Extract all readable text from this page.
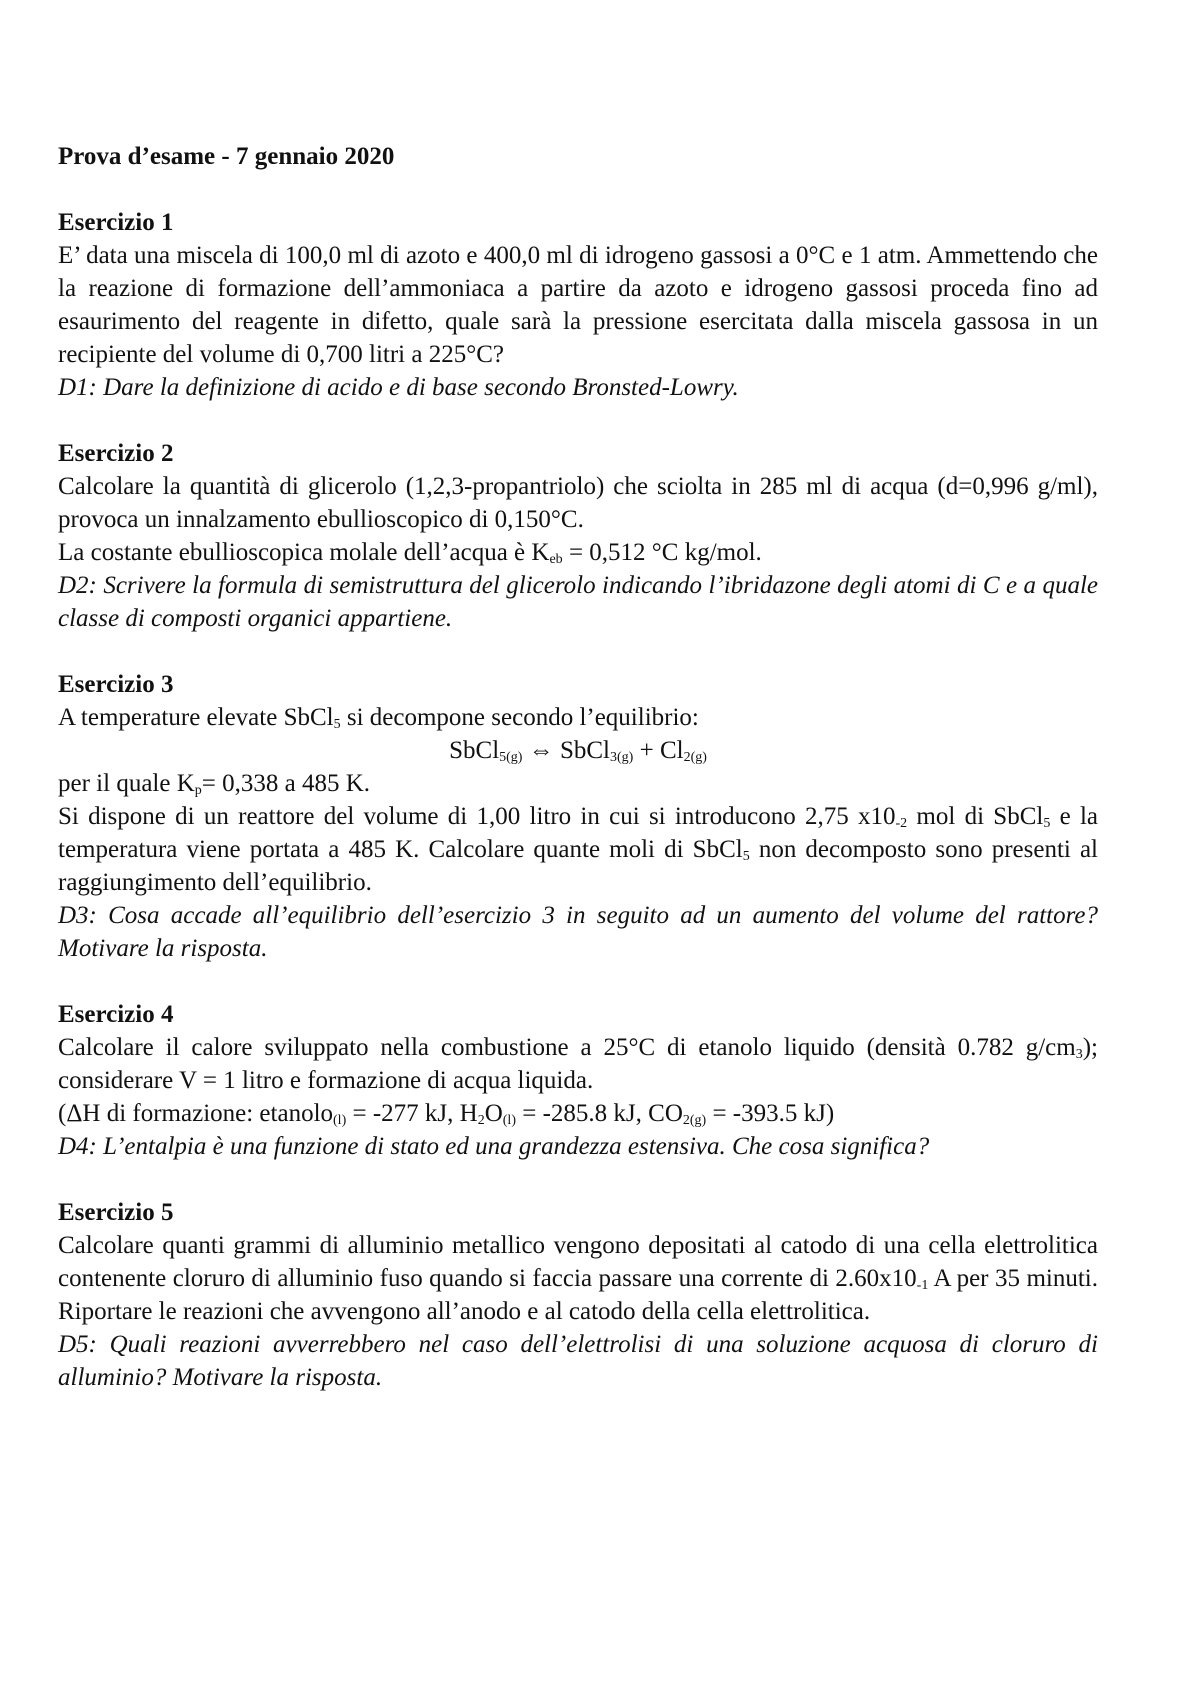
Prova d’esame - 7 gennaio 2020
Esercizio 1
E’ data una miscela di 100,0 ml di azoto e 400,0 ml di idrogeno gassosi a 0°C e 1 atm. Ammettendo che la reazione di formazione dell’ammoniaca a partire da azoto e idrogeno gassosi proceda fino ad esaurimento del reagente in difetto, quale sarà la pressione esercitata dalla miscela gassosa in un recipiente del volume di 0,700 litri a 225°C?
D1: Dare la definizione di acido e di base secondo Bronsted-Lowry.
Esercizio 2
Calcolare la quantità di glicerolo (1,2,3-propantriolo) che sciolta in 285 ml di acqua (d=0,996 g/ml), provoca un innalzamento ebullioscopico di 0,150°C.
La costante ebullioscopica molale dell’acqua è $K_{eb} = 0,512$ °C kg/mol.
D2: Scrivere la formula di semistruttura del glicerolo indicando l’ibridazone degli atomi di C e a quale classe di composti organici appartiene.
Esercizio 3
A temperature elevate SbCl$_5$ si decompone secondo l’equilibrio:
SbCl$_{5(g)}$ ⇔ SbCl$_{3(g)}$ + $Cl_{2(g)}$
per il quale $K_p= 0,338$ a 485 K.
Si dispone di un reattore del volume di 1,00 litro in cui si introducono 2,75 $x10_{-2}$ mol di SbCl$_5$ e la temperatura viene portata a 485 K. Calcolare quante moli di SbCl$_5$ non decomposto sono presenti al raggiungimento dell’equilibrio.
D3: Cosa accade all’equilibrio dell’esercizio 3 in seguito ad un aumento del volume del rattore? Motivare la risposta.
Esercizio 4
Calcolare il calore sviluppato nella combustione a 25°C di etanolo liquido (densità 0.782 $g/cm_3$); considerare V = 1 litro e formazione di acqua liquida.
(ΔH di formazione: etanolo$_{(l)}$ = -277 kJ, $H_2O_{(l)} = -285.8$ kJ, $CO_{2(g)} = -393.5$ kJ)
D4: L’entalpia è una funzione di stato ed una grandezza estensiva. Che cosa significa?
Esercizio 5
Calcolare quanti grammi di alluminio metallico vengono depositati al catodo di una cella elettrolitica contenente cloruro di alluminio fuso quando si faccia passare una corrente di $2.60x10_{-1}$ A per 35 minuti. Riportare le reazioni che avvengono all’anodo e al catodo della cella elettrolitica.
D5: Quali reazioni avverrebbero nel caso dell’elettrolisi di una soluzione acquosa di cloruro di alluminio? Motivare la risposta.
